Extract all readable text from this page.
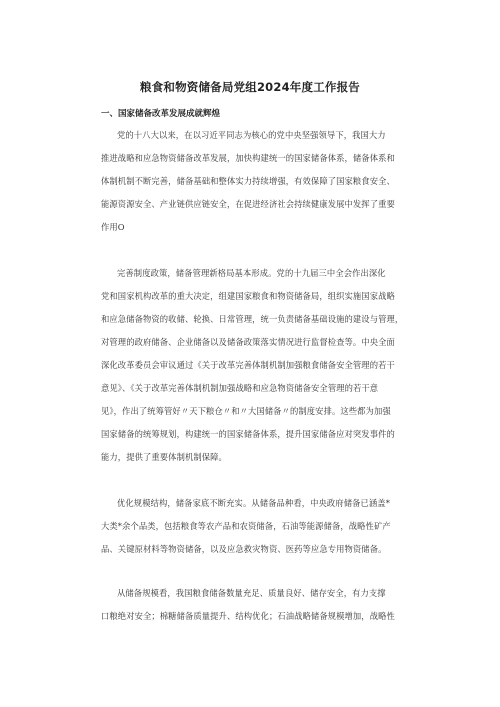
粮食和物资储备局党组2024年度工作报告
一、国家储备改革发展成就辉煌
党的十八大以来，在以习近平同志为核心的党中央坚强领导下，我国大力
推进战略和应急物资储备改革发展，加快构建统一的国家储备体系，储备体系和
体制机制不断完善，储备基础和整体实力持续增强，有效保障了国家粮食安全、
能源资源安全、产业链供应链安全，在促进经济社会持续健康发展中发挥了重要
作用O
完善制度政策，储备管理新格局基本形成。党的十九届三中全会作出深化
党和国家机构改革的重大决定，组建国家粮食和物资储备局，组织实施国家战略
和应急储备物资的收储、轮换、日常管理，统一负责储备基础设施的建设与管理，
对管理的政府储备、企业储备以及储备政策落实情况进行监督检查等。中央全面
深化改革委员会审议通过《关于改革完善体制机制加强粮食储备安全管理的若干
意见》、《关于改革完善体制机制加强战略和应急物资储备安全管理的若干意
见》，作出了统筹管好〃天下粮仓〃和〃大国储备〃的制度安排。这些都为加强
国家储备的统筹规划，构建统一的国家储备体系，提升国家储备应对突发事件的
能力，提供了重要体制机制保障。
优化规模结构，储备家底不断充实。从储备品种看，中央政府储备已涵盖*
大类*余个品类，包括粮食等农产品和农资储备，石油等能源储备，战略性矿产
品、关键原材料等物资储备，以及应急救灾物资、医药等应急专用物资储备。
从储备规模看，我国粮食储备数量充足、质量良好、储存安全，有力支撑
口粮绝对安全；棉糖储备质量提升、结构优化；石油战略储备规模增加，战略性
